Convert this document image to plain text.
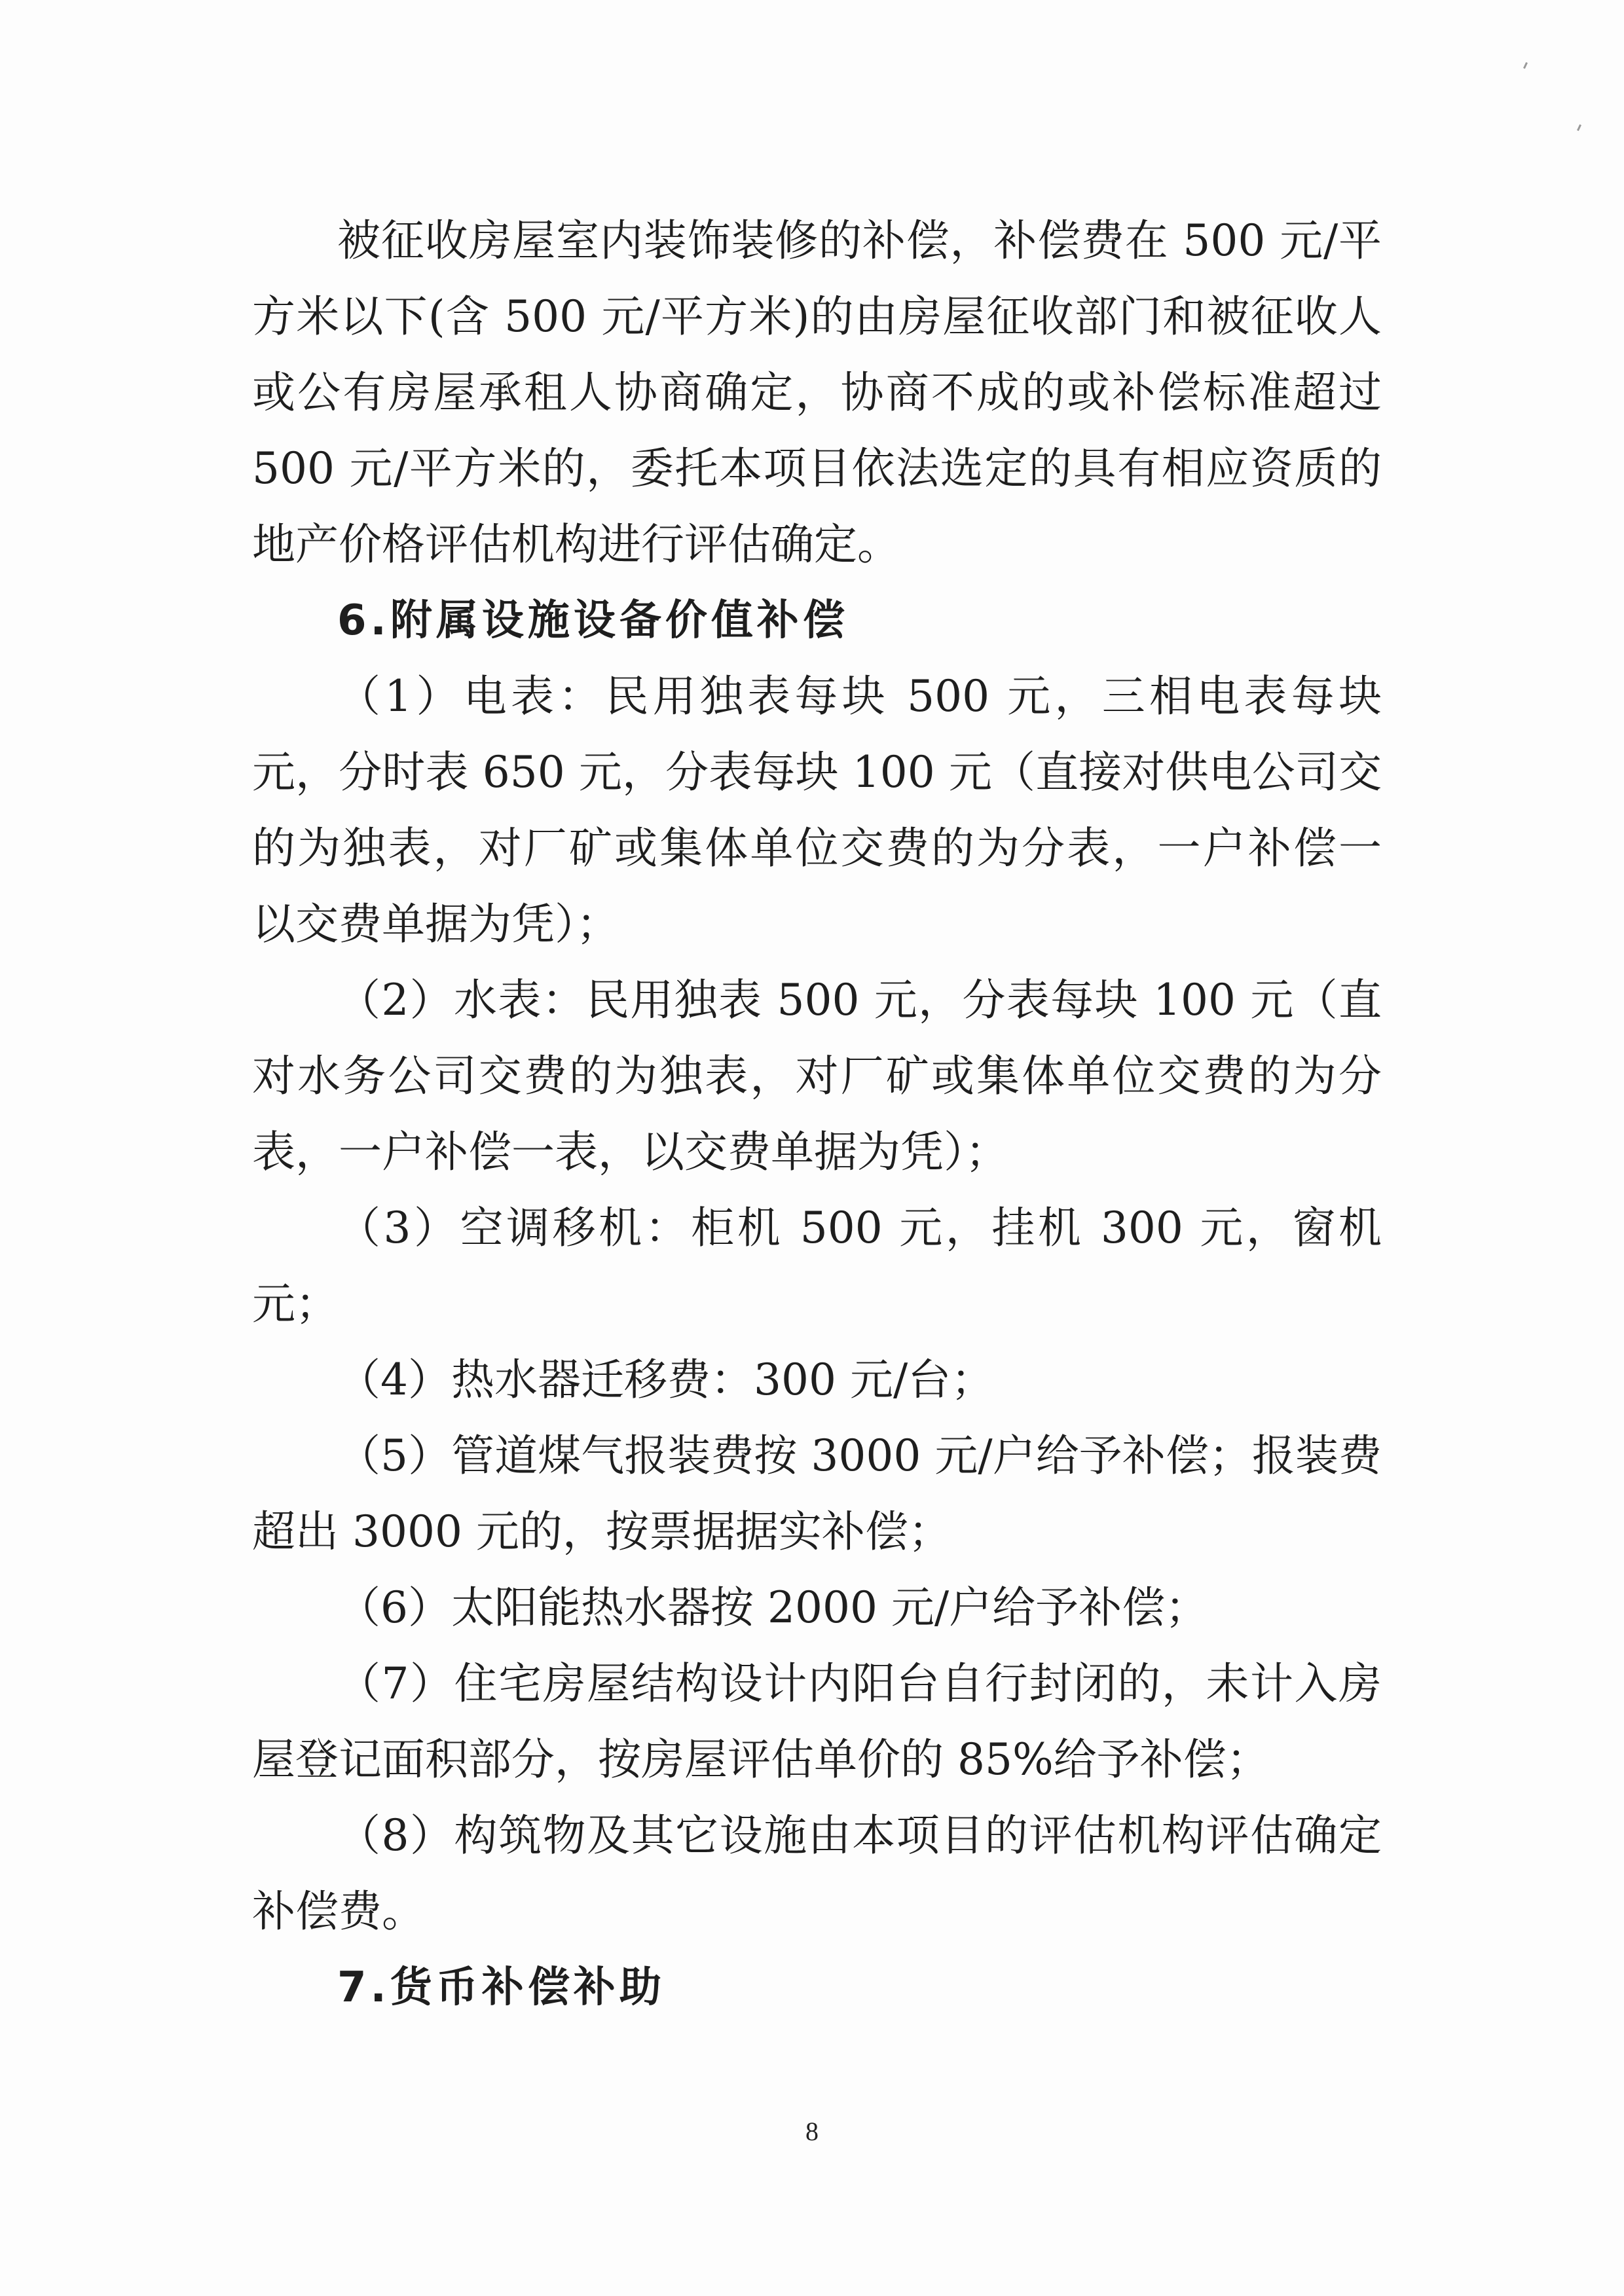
被征收房屋室内装饰装修的补偿，补偿费在 500 元/平
方米以下(含 500 元/平方米)的由房屋征收部门和被征收人
或公有房屋承租人协商确定，协商不成的或补偿标准超过
500 元/平方米的，委托本项目依法选定的具有相应资质的
地产价格评估机构进行评估确定。
6.附属设施设备价值补偿
（1）电表：民用独表每块 500 元，三相电表每块
元，分时表 650 元，分表每块 100 元（直接对供电公司交
的为独表，对厂矿或集体单位交费的为分表，一户补偿一
以交费单据为凭）；
（2）水表：民用独表 500 元，分表每块 100 元（直
对水务公司交费的为独表，对厂矿或集体单位交费的为分
表，一户补偿一表，以交费单据为凭）；
（3）空调移机：柜机 500 元，挂机 300 元，窗机
元；
（4）热水器迁移费：300 元/台；
（5）管道煤气报装费按 3000 元/户给予补偿；报装费
超出 3000 元的，按票据据实补偿；
（6）太阳能热水器按 2000 元/户给予补偿；
（7）住宅房屋结构设计内阳台自行封闭的，未计入房
屋登记面积部分，按房屋评估单价的 85%给予补偿；
（8）构筑物及其它设施由本项目的评估机构评估确定
补偿费。
7.货币补偿补助
8
